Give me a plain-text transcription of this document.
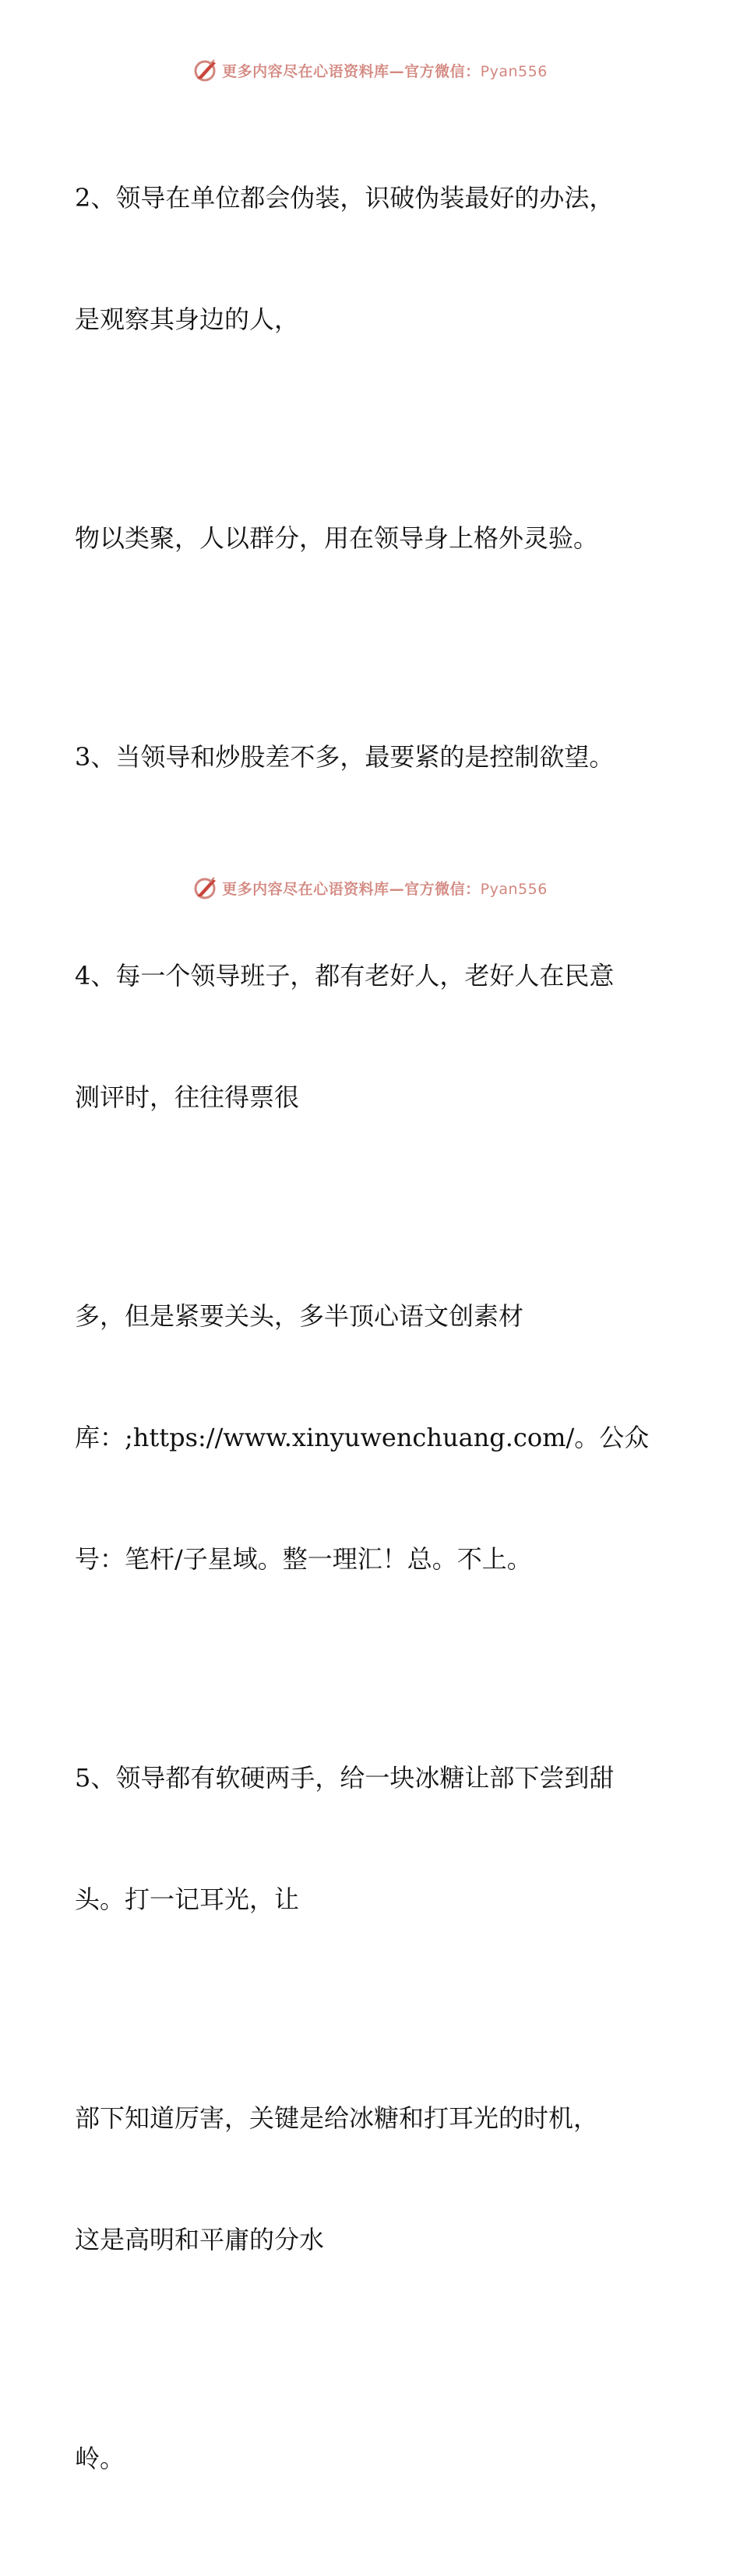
更多内容尽在心语资料库—官方微信：Pyan556

2、领导在单位都会伪装，识破伪装最好的办法，

是观察其身边的人，

物以类聚，人以群分，用在领导身上格外灵验。

3、当领导和炒股差不多，最要紧的是控制欲望。

4、每一个领导班子，都有老好人，老好人在民意

测评时，往往得票很

多，但是紧要关头，多半顶心语文创素材

库：;https://www.xinyuwenchuang.com/。公众

号：笔杆/子星域。整一理汇！总。不上。

5、领导都有软硬两手，给一块冰糖让部下尝到甜

头。打一记耳光，让

部下知道厉害，关键是给冰糖和打耳光的时机，

这是高明和平庸的分水

岭。

更多内容尽在心语资料库—官方微信：Pyan556
